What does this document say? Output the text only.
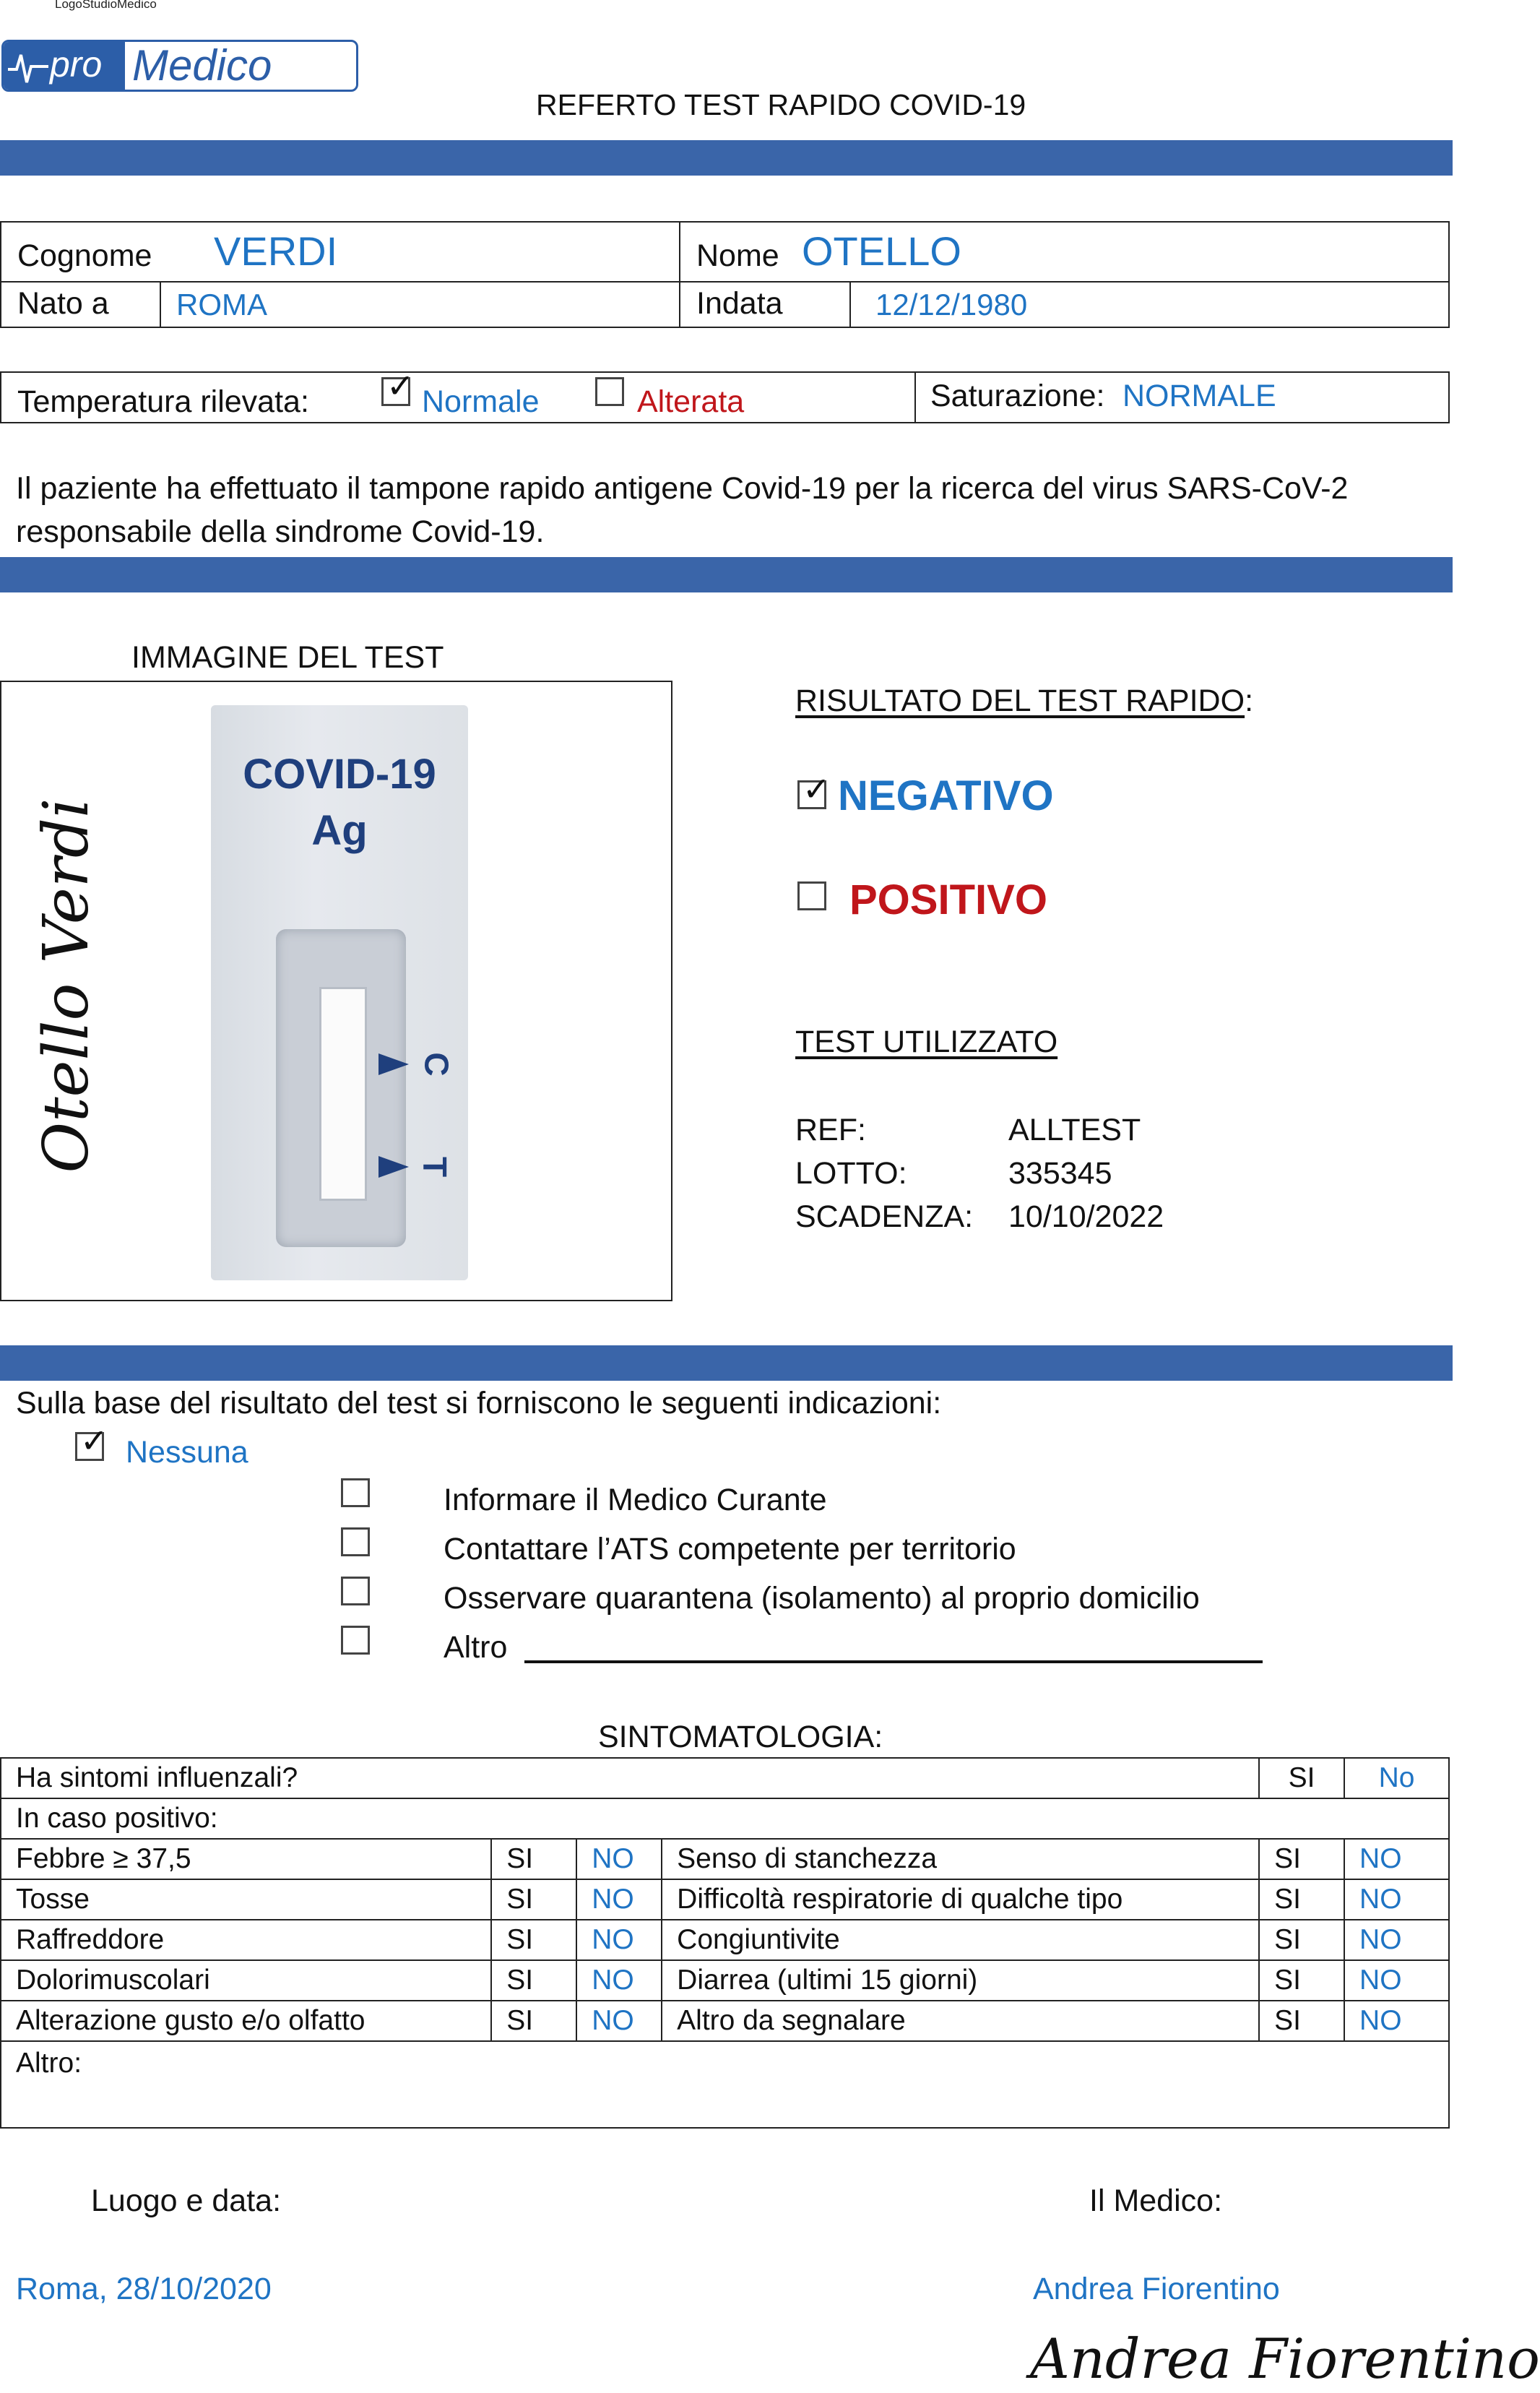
LogoStudioMedico
pro Medico
REFERTO TEST RAPIDO COVID-19
Cognome VERDI	Nome OTELLO
Nato a ROMA	Indata	12/12/1980
Temperatura rilevata: ✓ Normale	Alterata	Saturazione: NORMALE
Il paziente ha effettuato il tampone rapido antigene Covid-19 per la ricerca del virus SARS-CoV-2
responsabile della sindrome Covid-19.
IMMAGINE DEL TEST
COVID-19
Ag
C
T
Otello Verdi
RISULTATO DEL TEST RAPIDO:
✓ NEGATIVO
POSITIVO
TEST UTILIZZATO
REF:	ALLTEST
LOTTO:	335345
SCADENZA: 10/10/2022
Sulla base del risultato del test si forniscono le seguenti indicazioni:
✓ Nessuna
Informare il Medico Curante
Contattare l’ATS competente per territorio
Osservare quarantena (isolamento) al proprio domicilio
Altro
SINTOMATOLOGIA:
Ha sintomi influenzali?				SI	No
In caso positivo:					
Febbre ≥ 37,5	SI	NO	Senso di stanchezza	SI	NO
Tosse	SI	NO	Difficoltà respiratorie di qualche tipo	SI	NO
Raffreddore	SI	NO	Congiuntivite	SI	NO
Dolorimuscolari	SI	NO	Diarrea (ultimi 15 giorni)	SI	NO
Alterazione gusto e/o olfatto	SI	NO	Altro da segnalare	SI	NO
Altro:					
Luogo e data:
Roma, 28/10/2020
Il Medico:
Andrea Fiorentino
Andrea Fiorentino
